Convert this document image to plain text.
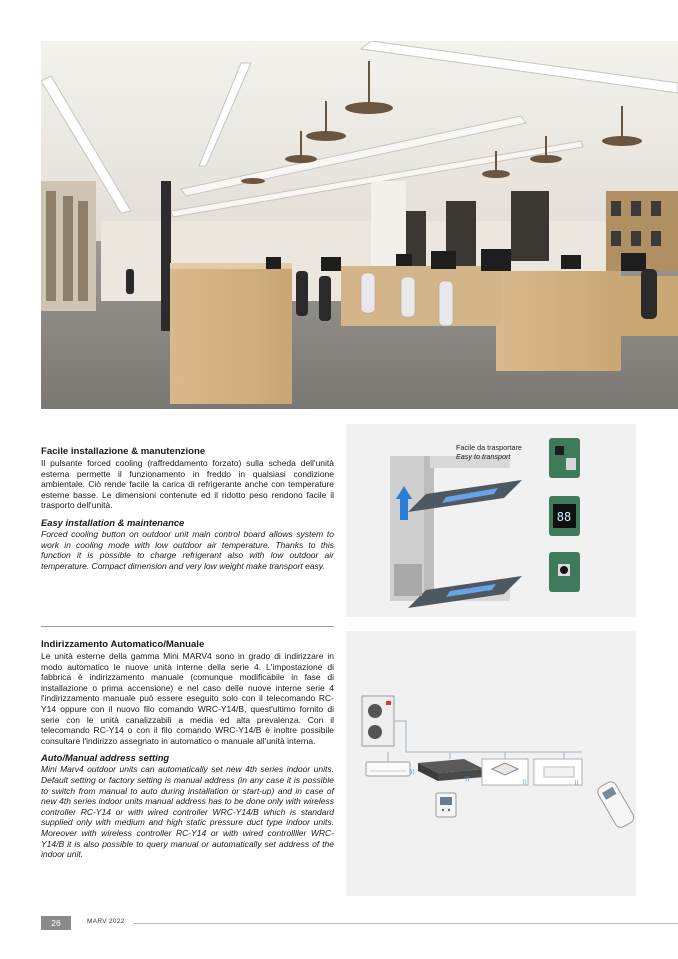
Facile installazione & manutenzione

Il pulsante forced cooling (raffreddamento forzato) sulla scheda dell'unità esterna permette il funzionamento in freddo in qualsiasi condizione ambientale. Ciò rende facile la carica di refrigerante anche con temperature esterne basse. Le dimensioni contenute ed il ridotto peso rendono facile il trasporto dell'unità.

Easy installation & maintenance

Forced cooling button on outdoor unit main control board allows system to work in cooling mode with low outdoor air temperature. Thanks to this function it is possible to charge refrigerant also with low outdoor air temperature. Compact dimension and very low weight make transport easy.

88
Facile da trasportare
Easy to transport

Indirizzamento Automatico/Manuale

Le unità esterne della gamma Mini MARV4 sono in grado di indirizzare in modo automatico le nuove unità interne della serie 4. L'impostazione di fabbrica è indirizzamento manuale (comunque modificabile in fase di installazione o prima accensione) e nel caso delle nuove interne serie 4 l'indirizzamento manuale può essere eseguito solo con il telecomando RC-Y14 oppure con il nuovo filo comando WRC-Y14/B, quest'ultimo fornito di serie con le unità canalizzabili a media ed alta prevalenza. Con il telecomando RC-Y14 o con il filo comando WRC-Y14/B è inoltre possibile consultare l'indirizzo assegnato in automatico o manuale all'unità interna.

Auto/Manual address setting

Mini Marv4 outdoor units can automatically set new 4th series indoor units. Default setting or factory setting is manual address (in any case it is possible to switch from manual to auto during installation or start-up) and in case of new 4th series indoor units manual address has to be done only with wireless controller RC-Y14 or with wired controller WRC-Y14/B which is standard supplied only with medium and high static pressure duct type indoor units. Moreover with wireless controller RC-Y14 or with wired controllller WRC-Y14/B it is also possible to query manual or automatically set address of the indoor unit.

))
))	))	))
26	MARV 2022
